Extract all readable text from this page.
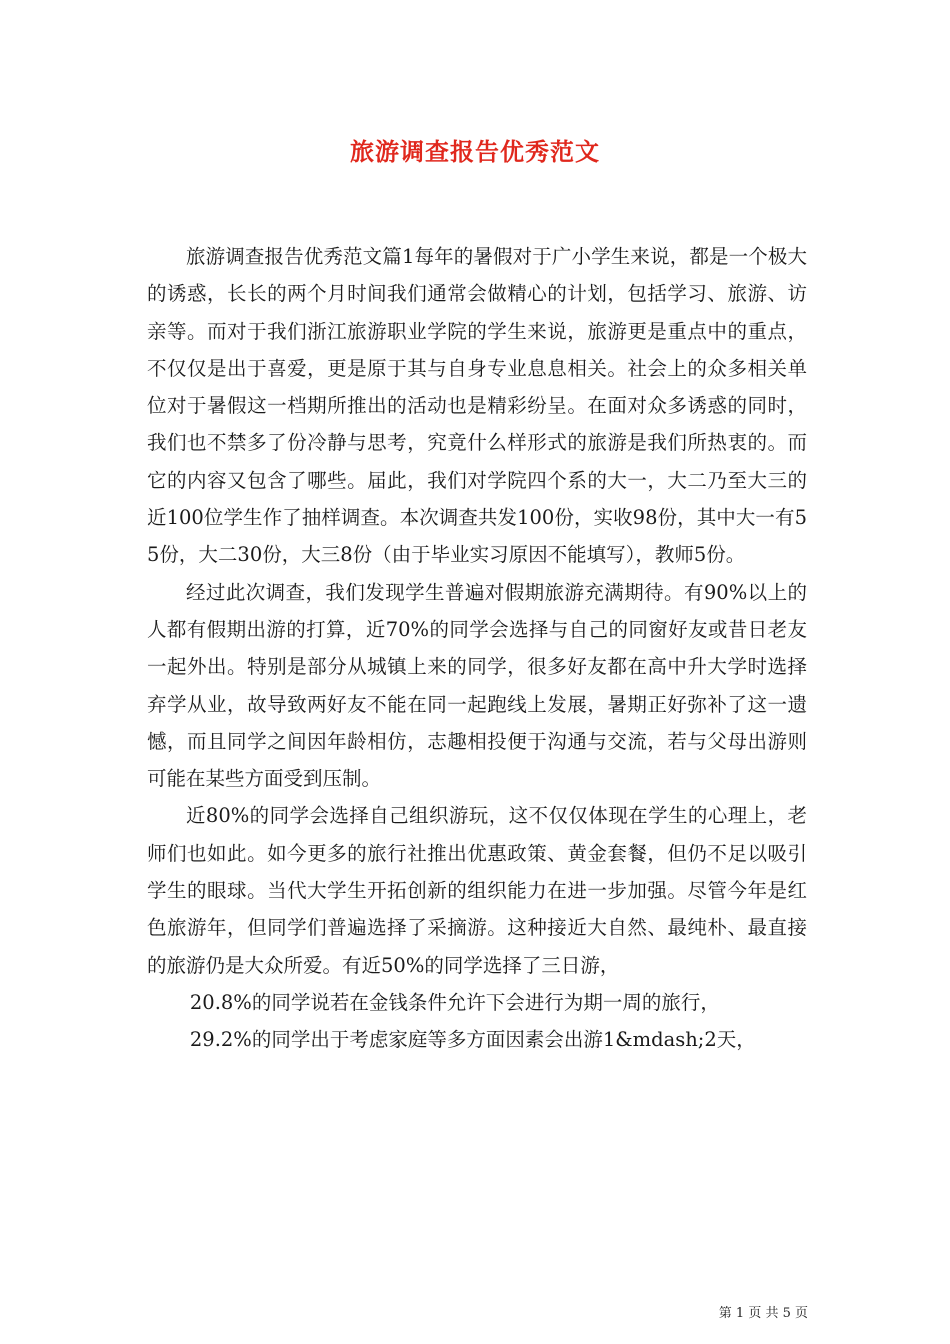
旅游调查报告优秀范文

旅游调查报告优秀范文篇1每年的暑假对于广小学生来说，都是一个极大的诱惑，长长的两个月时间我们通常会做精心的计划，包括学习、旅游、访亲等。而对于我们浙江旅游职业学院的学生来说，旅游更是重点中的重点，不仅仅是出于喜爱，更是原于其与自身专业息息相关。社会上的众多相关单位对于暑假这一档期所推出的活动也是精彩纷呈。在面对众多诱惑的同时，我们也不禁多了份冷静与思考，究竟什么样形式的旅游是我们所热衷的。而它的内容又包含了哪些。届此，我们对学院四个系的大一，大二乃至大三的近100位学生作了抽样调查。本次调查共发100份，实收98份，其中大一有55份，大二30份，大三8份（由于毕业实习原因不能填写），教师5份。

经过此次调查，我们发现学生普遍对假期旅游充满期待。有90%以上的人都有假期出游的打算，近70%的同学会选择与自己的同窗好友或昔日老友一起外出。特别是部分从城镇上来的同学，很多好友都在高中升大学时选择弃学从业，故导致两好友不能在同一起跑线上发展，暑期正好弥补了这一遗憾，而且同学之间因年龄相仿，志趣相投便于沟通与交流，若与父母出游则可能在某些方面受到压制。

近80%的同学会选择自己组织游玩，这不仅仅体现在学生的心理上，老师们也如此。如今更多的旅行社推出优惠政策、黄金套餐，但仍不足以吸引学生的眼球。当代大学生开拓创新的组织能力在进一步加强。尽管今年是红色旅游年，但同学们普遍选择了采摘游。这种接近大自然、最纯朴、最直接的旅游仍是大众所爱。有近50%的同学选择了三日游，

20.8%的同学说若在金钱条件允许下会进行为期一周的旅行，

29.2%的同学出于考虑家庭等多方面因素会出游1&mdash;2天，

第 1 页 共 5 页
